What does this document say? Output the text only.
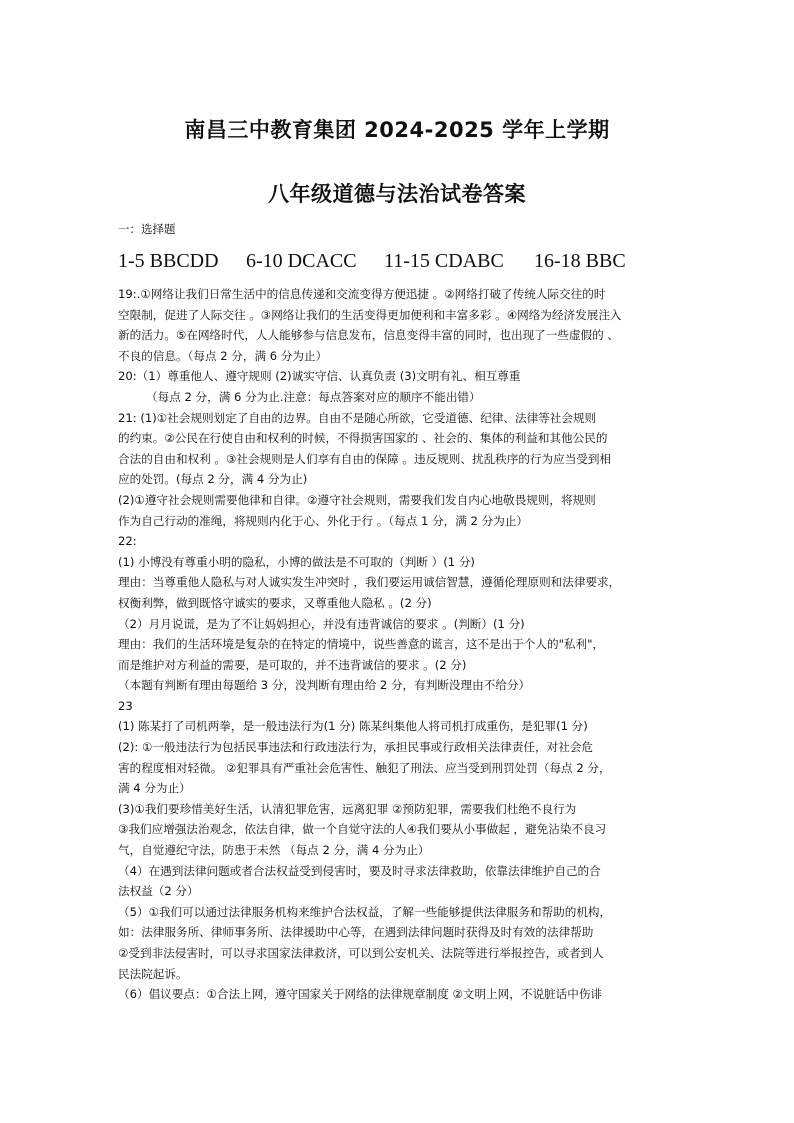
南昌三中教育集团 2024-2025 学年上学期
八年级道德与法治试卷答案
一：选择题
1-5 BBCDD 6-10 DCACC 11-15 CDABC 16-18 BBC
19:.①网络让我们日常生活中的信息传递和交流变得方便迅捷 。②网络打破了传统人际交往的时
空限制，促进了人际交往 。③网络让我们的生活变得更加便利和丰富多彩 。④网络为经济发展注入
新的活力。⑤在网络时代，人人能够参与信息发布，信息变得丰富的同时，也出现了一些虚假的 、
不良的信息。（每点 2 分，满 6 分为止）
20:（1）尊重他人、遵守规则 (2)诚实守信、认真负责 (3)文明有礼、相互尊重
（每点 2 分，满 6 分为止.注意：每点答案对应的顺序不能出错）
21: (1)①社会规则划定了自由的边界。自由不是随心所欲，它受道德、纪律、法律等社会规则
的约束。②公民在行使自由和权利的时候，不得损害国家的 、社会的、集体的利益和其他公民的
合法的自由和权利 。③社会规则是人们享有自由的保障 。违反规则、扰乱秩序的行为应当受到相
应的处罚。(每点 2 分，满 4 分为止)
(2)①遵守社会规则需要他律和自律。②遵守社会规则，需要我们发自内心地敬畏规则，将规则
作为自己行动的准绳，将规则内化于心、外化于行 。（每点 1 分，满 2 分为止）
22:
(1) 小博没有尊重小明的隐私，小博的做法是不可取的（判断 ）(1 分)
理由：当尊重他人隐私与对人诚实发生冲突时 ，我们要运用诚信智慧，遵循伦理原则和法律要求，
权衡利弊，做到既恪守诚实的要求，又尊重他人隐私 。(2 分)
（2）月月说谎，是为了不让妈妈担心，并没有违背诚信的要求 。(判断）(1 分)
理由：我们的生活环境是复杂的在特定的情境中，说些善意的谎言，这不是出于个人的"私利"，
而是维护对方利益的需要，是可取的，并不违背诚信的要求 。(2 分)
（本题有判断有理由每题给 3 分，没判断有理由给 2 分，有判断没理由不给分）
23
(1) 陈某打了司机两拳，是一般违法行为(1 分) 陈某纠集他人将司机打成重伤，是犯罪(1 分)
(2): ①一般违法行为包括民事违法和行政违法行为，承担民事或行政相关法律责任，对社会危
害的程度相对轻微。 ②犯罪具有严重社会危害性、触犯了刑法、应当受到刑罚处罚（每点 2 分，
满 4 分为止）
(3)①我们要珍惜美好生活，认清犯罪危害，远离犯罪 ②预防犯罪，需要我们杜绝不良行为
③我们应增强法治观念，依法自律，做一个自觉守法的人④我们要从小事做起 ，避免沾染不良习
气，自觉遵纪守法，防患于未然 （每点 2 分，满 4 分为止）
（4）在遇到法律问题或者合法权益受到侵害时，要及时寻求法律救助，依靠法律维护自己的合
法权益（2 分）
（5）①我们可以通过法律服务机构来维护合法权益，了解一些能够提供法律服务和帮助的机构，
如：法律服务所、律师事务所、法律援助中心等，在遇到法律问题时获得及时有效的法律帮助
②受到非法侵害时，可以寻求国家法律救济，可以到公安机关、法院等进行举报控告，或者到人
民法院起诉。
（6）倡议要点：①合法上网，遵守国家关于网络的法律规章制度 ②文明上网，不说脏话中伤诽
